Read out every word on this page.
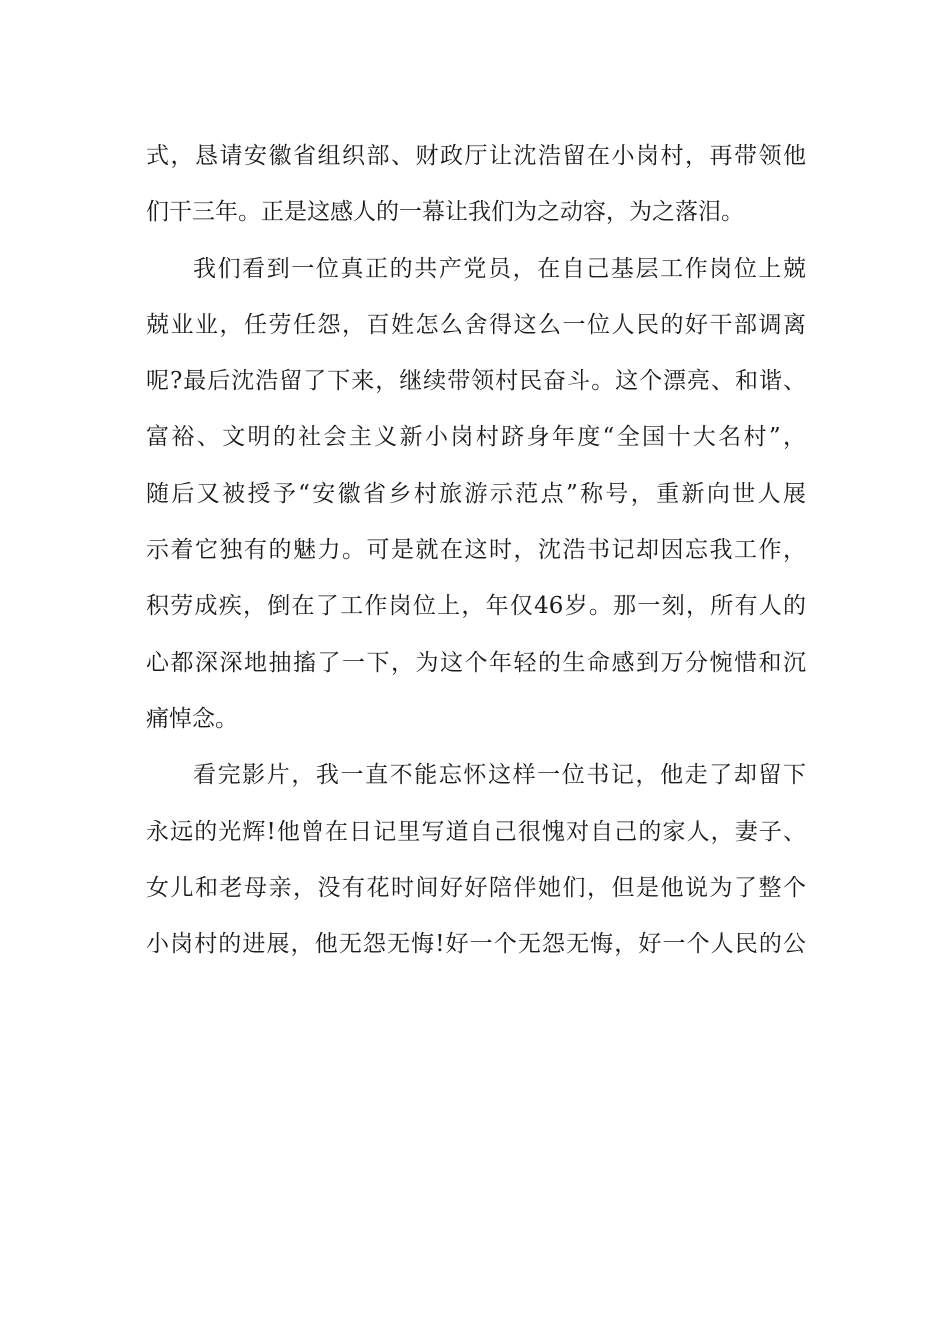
式，恳请安徽省组织部、财政厅让沈浩留在小岗村，再带领他
们干三年。正是这感人的一幕让我们为之动容，为之落泪。
我们看到一位真正的共产党员，在自己基层工作岗位上兢
兢业业，任劳任怨，百姓怎么舍得这么一位人民的好干部调离
呢?最后沈浩留了下来，继续带领村民奋斗。这个漂亮、和谐、
富裕、文明的社会主义新小岗村跻身年度“全国十大名村”，
随后又被授予“安徽省乡村旅游示范点”称号，重新向世人展
示着它独有的魅力。可是就在这时，沈浩书记却因忘我工作，
积劳成疾，倒在了工作岗位上，年仅46岁。那一刻，所有人的
心都深深地抽搐了一下，为这个年轻的生命感到万分惋惜和沉
痛悼念。
看完影片，我一直不能忘怀这样一位书记，他走了却留下
永远的光辉!他曾在日记里写道自己很愧对自己的家人，妻子、
女儿和老母亲，没有花时间好好陪伴她们，但是他说为了整个
小岗村的进展，他无怨无悔!好一个无怨无悔，好一个人民的公
